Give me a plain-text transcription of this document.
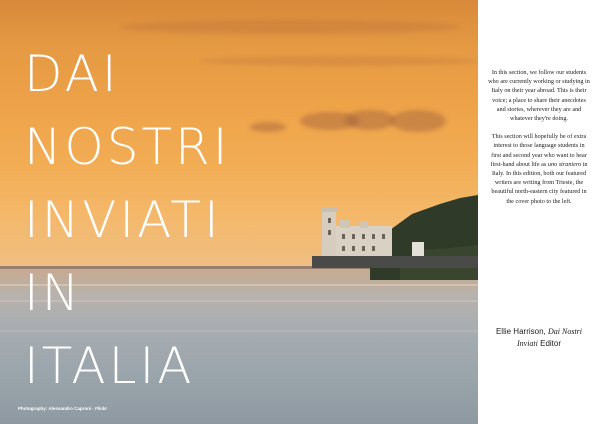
DAI
NOSTRI
INVIATI
IN
ITALIA
Photography: Alessandro Caproni - Flickr

In this section, we follow our students who are currently working or studying in Italy on their year abroad. This is their voice; a place to share their anecdotes and stories, wherever they are and whatever they're doing.

This section will hopefully be of extra interest to those language students in first and second year who want to hear first-hand about life as uno straniero in Italy. In this edition, both our featured writers are writing from Trieste, the beautiful north-eastern city featured in the cover photo to the left.

Ellie Harrison, Dai Nostri Inviati Editor
